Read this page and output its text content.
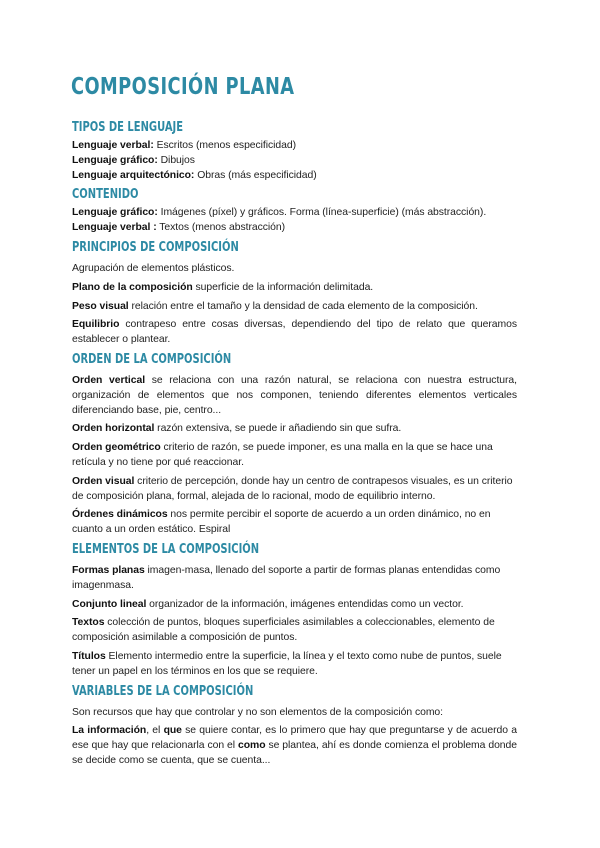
COMPOSICIÓN PLANA
TIPOS DE LENGUAJE

Lenguaje verbal: Escritos (menos especificidad)

Lenguaje gráfico: Dibujos

Lenguaje arquitectónico: Obras (más especificidad)

CONTENIDO

Lenguaje gráfico: Imágenes (píxel) y gráficos. Forma (línea-superficie) (más abstracción).

Lenguaje verbal : Textos (menos abstracción)

PRINCIPIOS DE COMPOSICIÓN

Agrupación de elementos plásticos.

Plano de la composición superficie de la información delimitada.

Peso visual relación entre el tamaño y la densidad de cada elemento de la composición.

Equilibrio contrapeso entre cosas diversas, dependiendo del tipo de relato que queramos establecer o plantear.

ORDEN DE LA COMPOSICIÓN

Orden vertical se relaciona con una razón natural, se relaciona con nuestra estructura, organización de elementos que nos componen, teniendo diferentes elementos verticales diferenciando base, pie, centro...

Orden horizontal razón extensiva, se puede ir añadiendo sin que sufra.

Orden geométrico criterio de razón, se puede imponer, es una malla en la que se hace una retícula y no tiene por qué reaccionar.

Orden visual criterio de percepción, donde hay un centro de contrapesos visuales, es un criterio de composición plana, formal, alejada de lo racional, modo de equilibrio interno.

Órdenes dinámicos nos permite percibir el soporte de acuerdo a un orden dinámico, no en cuanto a un orden estático. Espiral

ELEMENTOS DE LA COMPOSICIÓN

Formas planas imagen-masa, llenado del soporte a partir de formas planas entendidas como imagenmasa.

Conjunto lineal organizador de la información, imágenes entendidas como un vector.

Textos colección de puntos, bloques superficiales asimilables a coleccionables, elemento de composición asimilable a composición de puntos.

Títulos Elemento intermedio entre la superficie, la línea y el texto como nube de puntos, suele tener un papel en los términos en los que se requiere.

VARIABLES DE LA COMPOSICIÓN

Son recursos que hay que controlar y no son elementos de la composición como:

La información, el que se quiere contar, es lo primero que hay que preguntarse y de acuerdo a ese que hay que relacionarla con el como se plantea, ahí es donde comienza el problema donde se decide como se cuenta, que se cuenta...
